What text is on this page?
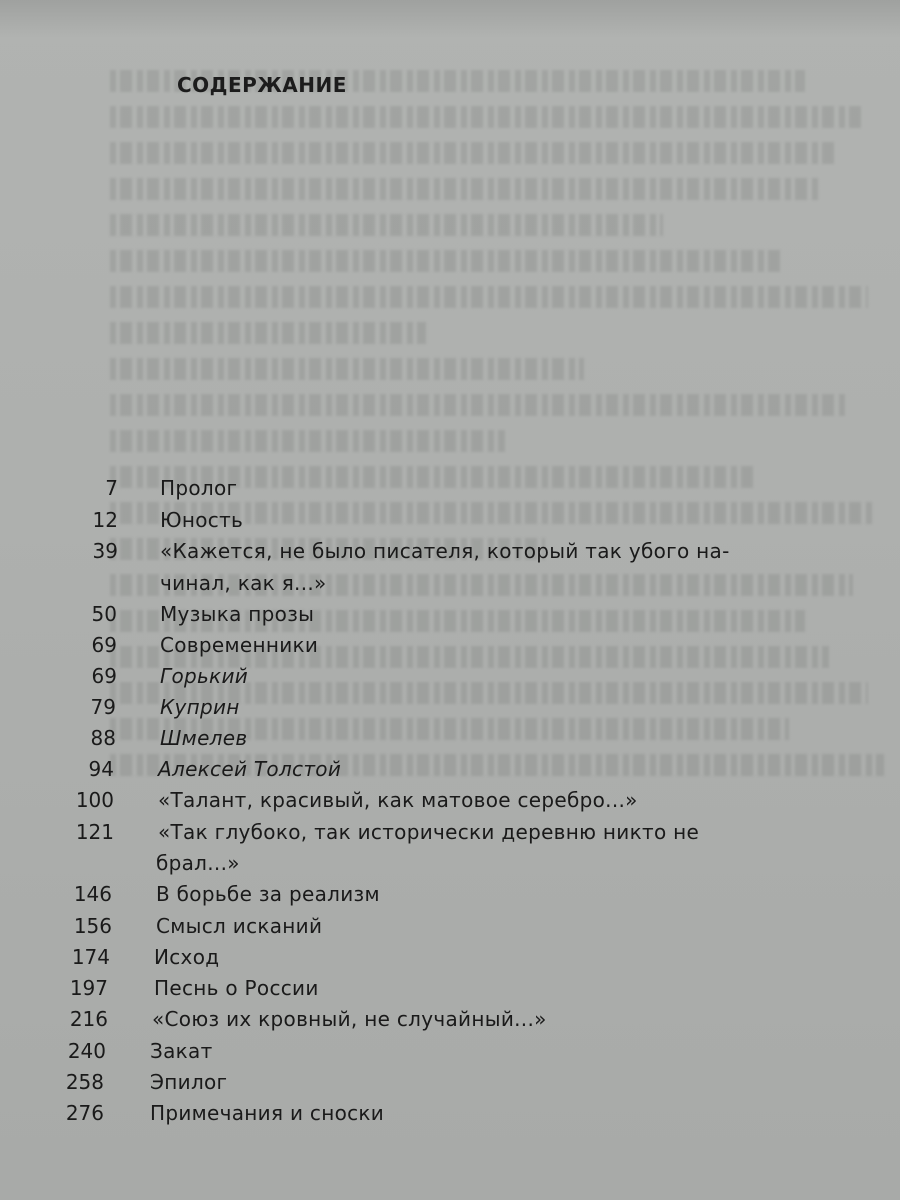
СОДЕРЖАНИЕ
7 Пролог
12 Юность
39 «Кажется, не было писателя, который так убого на-
чинал, как я...»
50 Музыка прозы
69 Современники
69 Горький
79 Куприн
88 Шмелев
94 Алексей Толстой
100 «Талант, красивый, как матовое серебро...»
121 «Так глубоко, так исторически деревню никто не
брал...»
146 В борьбе за реализм
156 Смысл исканий
174 Исход
197 Песнь о России
216 «Союз их кровный, не случайный...»
240 Закат
258 Эпилог
276 Примечания и сноски
